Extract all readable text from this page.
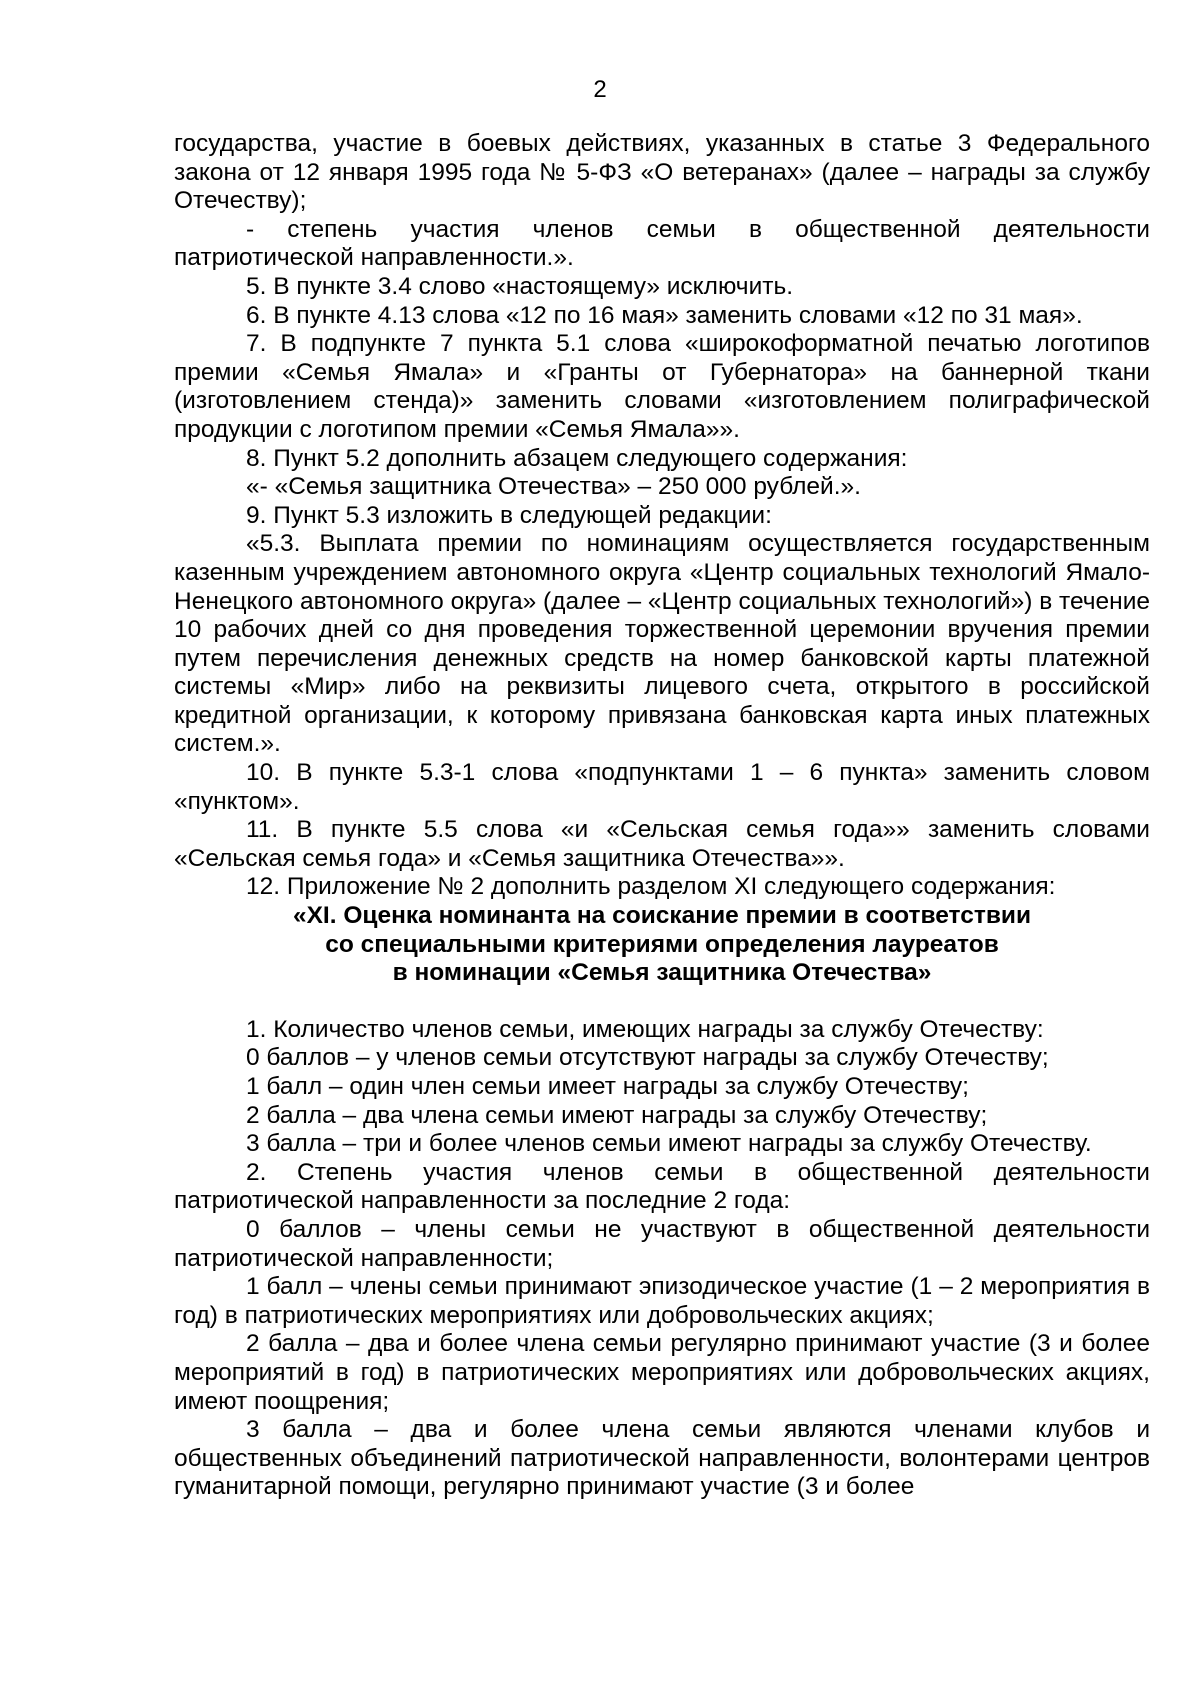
2

государства, участие в боевых действиях, указанных в статье 3 Федерального закона от 12 января 1995 года № 5-ФЗ «О ветеранах» (далее – награды за службу Отечеству);

- степень участия членов семьи в общественной деятельности патриотической направленности.».

5. В пункте 3.4 слово «настоящему» исключить.

6. В пункте 4.13 слова «12 по 16 мая» заменить словами «12 по 31 мая».

7. В подпункте 7 пункта 5.1 слова «широкоформатной печатью логотипов премии «Семья Ямала» и «Гранты от Губернатора» на баннерной ткани (изготовлением стенда)» заменить словами «изготовлением полиграфической продукции с логотипом премии «Семья Ямала»».

8. Пункт 5.2 дополнить абзацем следующего содержания:

«- «Семья защитника Отечества» – 250 000 рублей.».

9. Пункт 5.3 изложить в следующей редакции:

«5.3. Выплата премии по номинациям осуществляется государственным казенным учреждением автономного округа «Центр социальных технологий Ямало-Ненецкого автономного округа» (далее – «Центр социальных технологий») в течение 10 рабочих дней со дня проведения торжественной церемонии вручения премии путем перечисления денежных средств на номер банковской карты платежной системы «Мир» либо на реквизиты лицевого счета, открытого в российской кредитной организации, к которому привязана банковская карта иных платежных систем.».

10. В пункте 5.3-1 слова «подпунктами 1 – 6 пункта» заменить словом «пунктом».

11. В пункте 5.5 слова «и «Сельская семья года»» заменить словами «Сельская семья года» и «Семья защитника Отечества»».

12. Приложение № 2 дополнить разделом XI следующего содержания:

«XI. Оценка номинанта на соискание премии в соответствии
со специальными критериями определения лауреатов
в номинации «Семья защитника Отечества»

1. Количество членов семьи, имеющих награды за службу Отечеству:

0 баллов – у членов семьи отсутствуют награды за службу Отечеству;

1 балл – один член семьи имеет награды за службу Отечеству;

2 балла – два члена семьи имеют награды за службу Отечеству;

3 балла – три и более членов семьи имеют награды за службу Отечеству.

2. Степень участия членов семьи в общественной деятельности патриотической направленности за последние 2 года:

0 баллов – члены семьи не участвуют в общественной деятельности патриотической направленности;

1 балл – члены семьи принимают эпизодическое участие (1 – 2 мероприятия в год) в патриотических мероприятиях или добровольческих акциях;

2 балла – два и более члена семьи регулярно принимают участие (3 и более мероприятий в год) в патриотических мероприятиях или добровольческих акциях, имеют поощрения;

3 балла – два и более члена семьи являются членами клубов и общественных объединений патриотической направленности, волонтерами центров гуманитарной помощи, регулярно принимают участие (3 и более
